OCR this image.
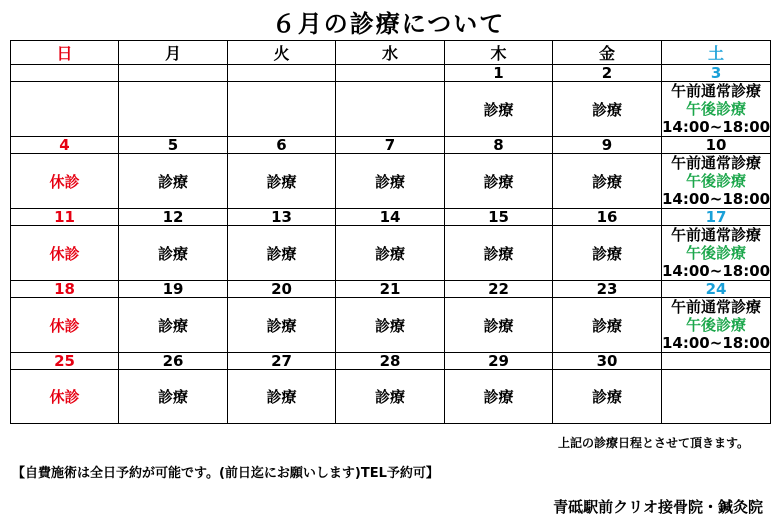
６月の診療について
日	月	火	水	木	金	土
				1	2	3
				診療	診療	午前通常診療
午後診療
14:00~18:00

4	5	6	7	8	9	10
休診	診療	診療	診療	診療	診療	午前通常診療
午後診療
14:00~18:00

11	12	13	14	15	16	17
休診	診療	診療	診療	診療	診療	午前通常診療
午後診療
14:00~18:00

18	19	20	21	22	23	24
休診	診療	診療	診療	診療	診療	午前通常診療
午後診療
14:00~18:00

25	26	27	28	29	30	
休診	診療	診療	診療	診療	診療	
上記の診療日程とさせて頂きます。
【自費施術は全日予約が可能です。(前日迄にお願いします)TEL予約可】
青砥駅前クリオ接骨院・鍼灸院
